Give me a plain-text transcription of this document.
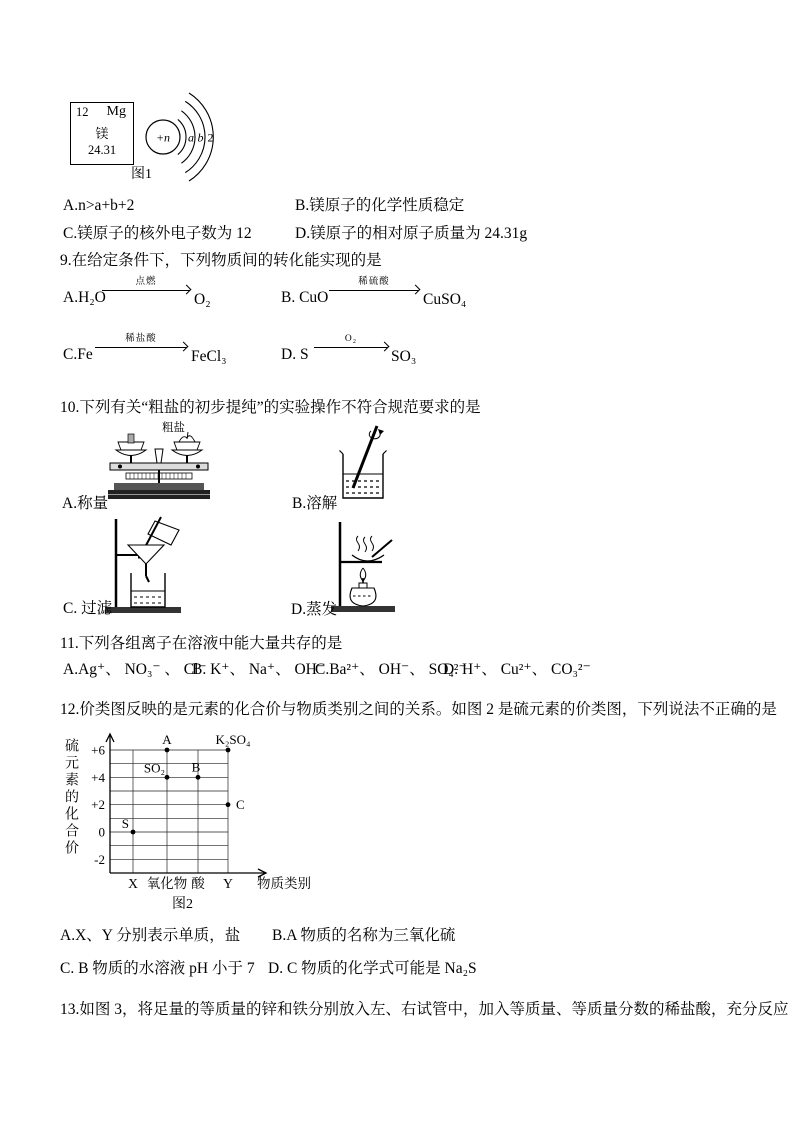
12 Mg
镁
24.31
+n a b 2
图1
A.n>a+b+2	B.镁原子的化学性质稳定
C.镁原子的核外电子数为 12	D.镁原子的相对原子质量为 24.31g
9.在给定条件下，下列物质间的转化能实现的是
A.H₂O
点燃
O₂	B. CuO
稀硫酸
CuSO₄
C.Fe
稀盐酸
FeCl₃	D. S
O₂
SO₃
10.下列有关“粗盐的初步提纯”的实验操作不符合规范要求的是
粗盐
A.称量	B.溶解
C. 过滤	D.蒸发
11.下列各组离子在溶液中能大量共存的是
A.Ag⁺、 NO₃⁻ 、 Cl⁻
B. K⁺、 Na⁺、 OH⁻
C.Ba²⁺、 OH⁻、 SO₄²⁻
D. H⁺、 Cu²⁺、 CO₃²⁻
12.价类图反映的是元素的化合价与物质类别之间的关系。如图 2 是硫元素的价类图，下列说法不正确的是
硫元素的化合价 +6
+4
+2
0
-2
X 氧化物 酸 Y 物质类别
S
SO₂
A
B
K₂SO₄
C
图2
A.X、Y 分别表示单质，盐 B.A 物质的名称为三氧化硫
C. B 物质的水溶液 pH 小于 7 D. C 物质的化学式可能是 Na₂S
13.如图 3，将足量的等质量的锌和铁分别放入左、右试管中，加入等质量、等质量分数的稀盐酸，充分反应
